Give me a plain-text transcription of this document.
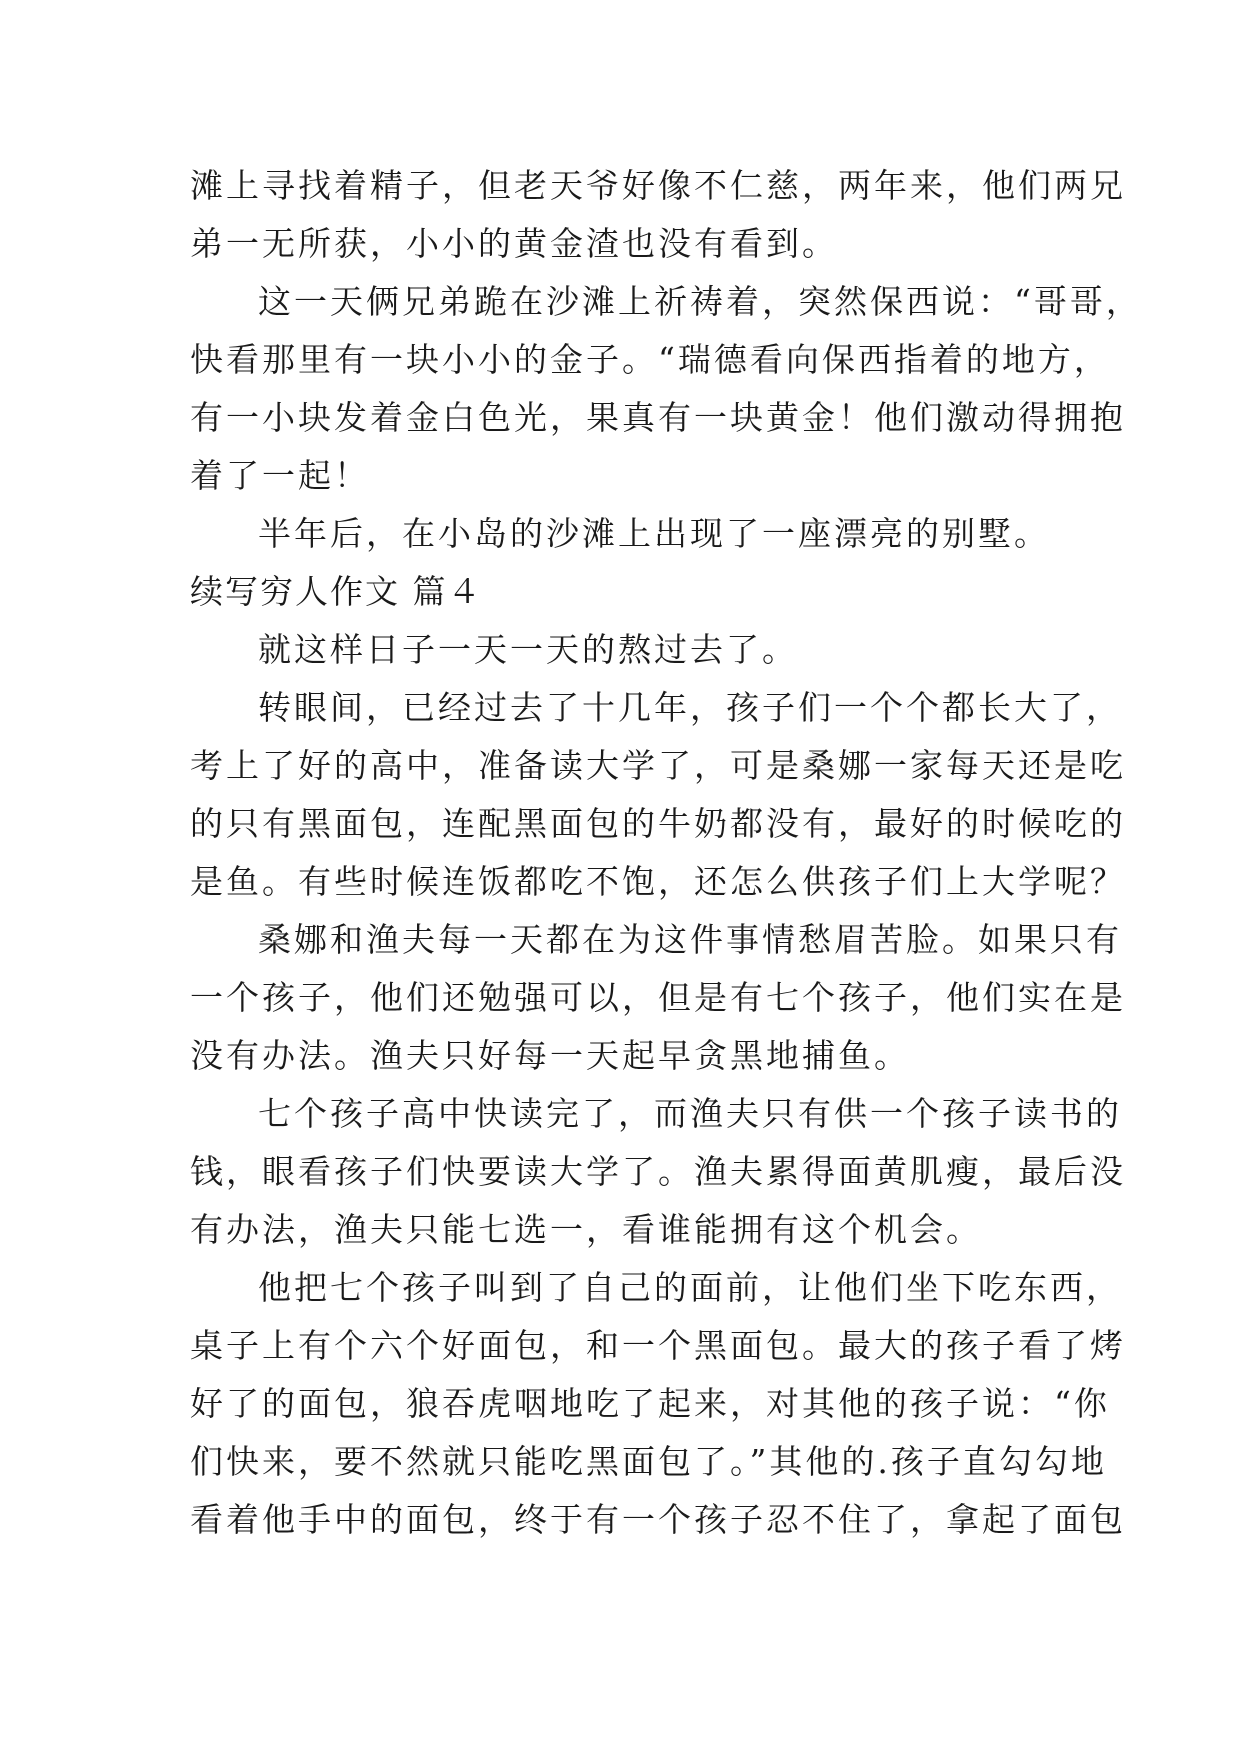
滩上寻找着精子，但老天爷好像不仁慈，两年来，他们两兄
弟一无所获，小小的黄金渣也没有看到。
这一天俩兄弟跪在沙滩上祈祷着，突然保西说：“哥哥，
快看那里有一块小小的金子。“瑞德看向保西指着的地方，
有一小块发着金白色光，果真有一块黄金！他们激动得拥抱
着了一起！
半年后，在小岛的沙滩上出现了一座漂亮的别墅。
续写穷人作文 篇４
就这样日子一天一天的熬过去了。
转眼间，已经过去了十几年，孩子们一个个都长大了，
考上了好的高中，准备读大学了，可是桑娜一家每天还是吃
的只有黑面包，连配黑面包的牛奶都没有，最好的时候吃的
是鱼。有些时候连饭都吃不饱，还怎么供孩子们上大学呢？
桑娜和渔夫每一天都在为这件事情愁眉苦脸。如果只有
一个孩子，他们还勉强可以，但是有七个孩子，他们实在是
没有办法。渔夫只好每一天起早贪黑地捕鱼。
七个孩子高中快读完了，而渔夫只有供一个孩子读书的
钱，眼看孩子们快要读大学了。渔夫累得面黄肌瘦，最后没
有办法，渔夫只能七选一，看谁能拥有这个机会。
他把七个孩子叫到了自己的面前，让他们坐下吃东西，
桌子上有个六个好面包，和一个黑面包。最大的孩子看了烤
好了的面包，狼吞虎咽地吃了起来，对其他的孩子说：“你
们快来，要不然就只能吃黑面包了。”其他的.孩子直勾勾地
看着他手中的面包，终于有一个孩子忍不住了，拿起了面包
